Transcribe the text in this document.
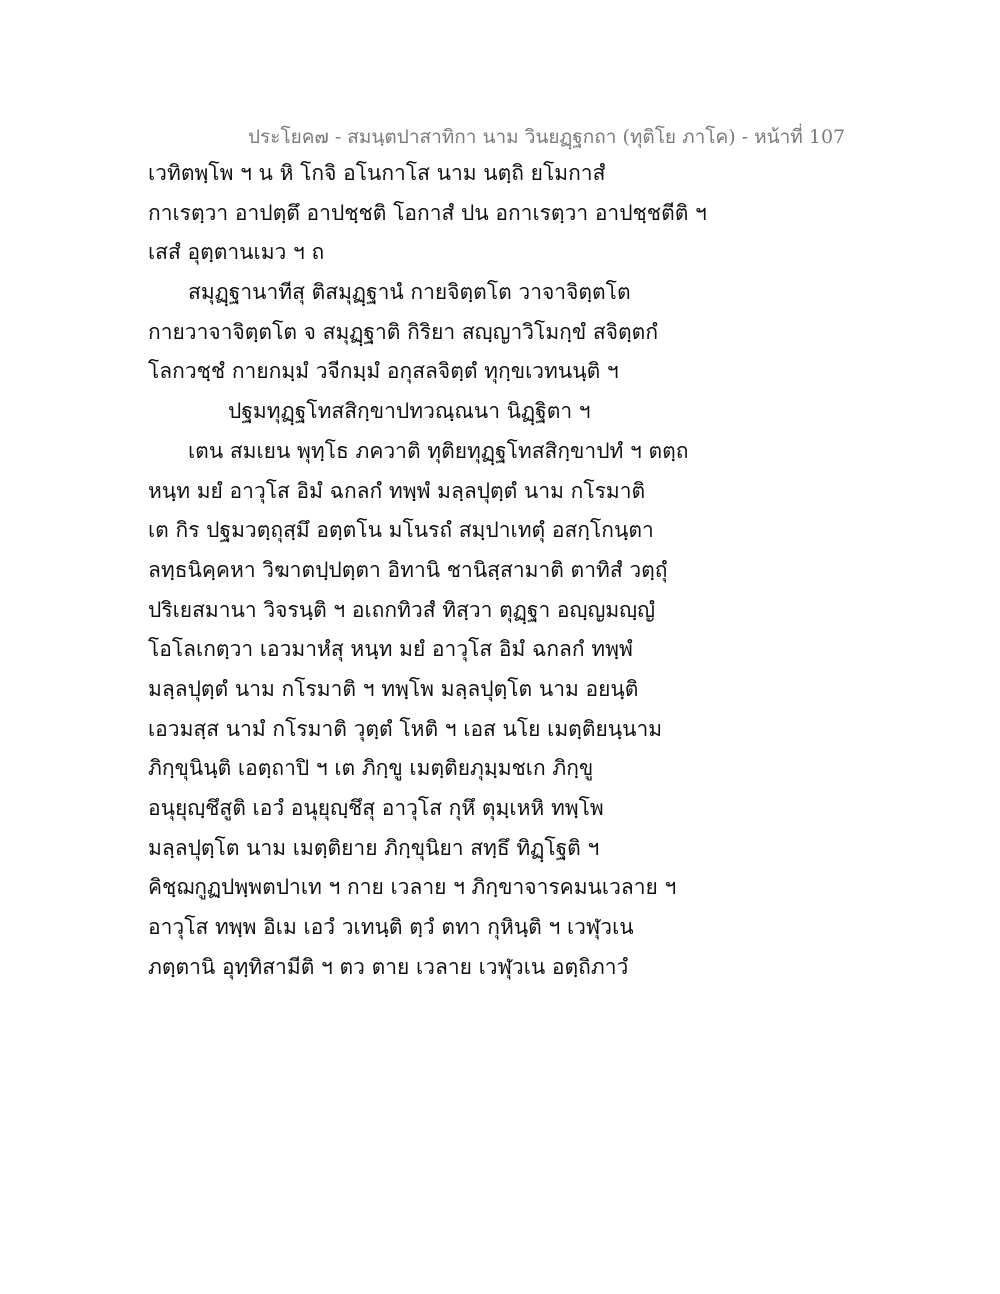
ประโยค๗ - สมนฺตปาสาทิกา นาม วินยฏฺฐกถา (ทุติโย ภาโค) - หน้าที่ 107
เวทิตพฺโพ ฯ น หิ โกจิ อโนกาโส นาม นตฺถิ ยโมกาสํ
กาเรตฺวา อาปตฺตึ อาปชฺชติ โอกาสํ ปน อกาเรตฺวา อาปชฺชตีติ ฯ
เสสํ อุตฺตานเมว ฯ ถ
สมุฏฺฐานาทีสุ ติสมุฏฺฐานํ กายจิตฺตโต วาจาจิตฺตโต
กายวาจาจิตฺตโต จ สมุฏฺฐาติ กิริยา สญฺญาวิโมกฺขํ สจิตฺตกํ
โลกวชฺชํ กายกมฺมํ วจีกมฺมํ อกุสลจิตฺตํ ทุกฺขเวทนนฺติ ฯ
ปฐมทุฏฺฐโทสสิกฺขาปทวณฺณนา นิฏฺฐิตา ฯ
เตน สมเยน พุทฺโธ ภควาติ ทุติยทุฏฺฐโทสสิกฺขาปทํ ฯ ตตฺถ
หนฺท มยํ อาวุโส อิมํ ฉกลกํ ทพฺพํ มลฺลปุตฺตํ นาม กโรมาติ
เต กิร ปฐมวตฺถุสฺมึ อตฺตโน มโนรถํ สมฺปาเทตุํ อสกฺโกนฺตา
ลทฺธนิคฺคหา วิฆาตปฺปตฺตา อิทานิ ชานิสฺสามาติ ตาทิสํ วตฺถุํ
ปริเยสมานา วิจรนฺติ ฯ อเถกทิวสํ ทิสฺวา ตุฏฺฐา อญฺญมญฺญํ
โอโลเกตฺวา เอวมาหํสุ หนฺท มยํ อาวุโส อิมํ ฉกลกํ ทพฺพํ
มลฺลปุตฺตํ นาม กโรมาติ ฯ ทพฺโพ มลฺลปุตฺโต นาม อยนฺติ
เอวมสฺส นามํ กโรมาติ วุตฺตํ โหติ ฯ เอส นโย เมตฺติยนฺนาม
ภิกฺขุนินฺติ เอตฺถาปิ ฯ เต ภิกฺขู เมตฺติยภุมฺมชเก ภิกฺขู
อนุยุญฺชึสูติ เอวํ อนุยุญฺชึสุ อาวุโส กุหึ ตุมฺเหหิ ทพฺโพ
มลฺลปุตฺโต นาม เมตฺติยาย ภิกฺขุนิยา สทฺธึ ทิฏฺโฐติ ฯ
คิชฺฌกูฏปพฺพตปาเท ฯ กาย เวลาย ฯ ภิกฺขาจารคมนเวลาย ฯ
อาวุโส ทพฺพ อิเม เอวํ วเทนฺติ ตฺวํ ตทา กุหินฺติ ฯ เวฬุวเน
ภตฺตานิ อุทฺทิสามีติ ฯ ตว ตาย เวลาย เวฬุวเน อตฺถิภาวํ
